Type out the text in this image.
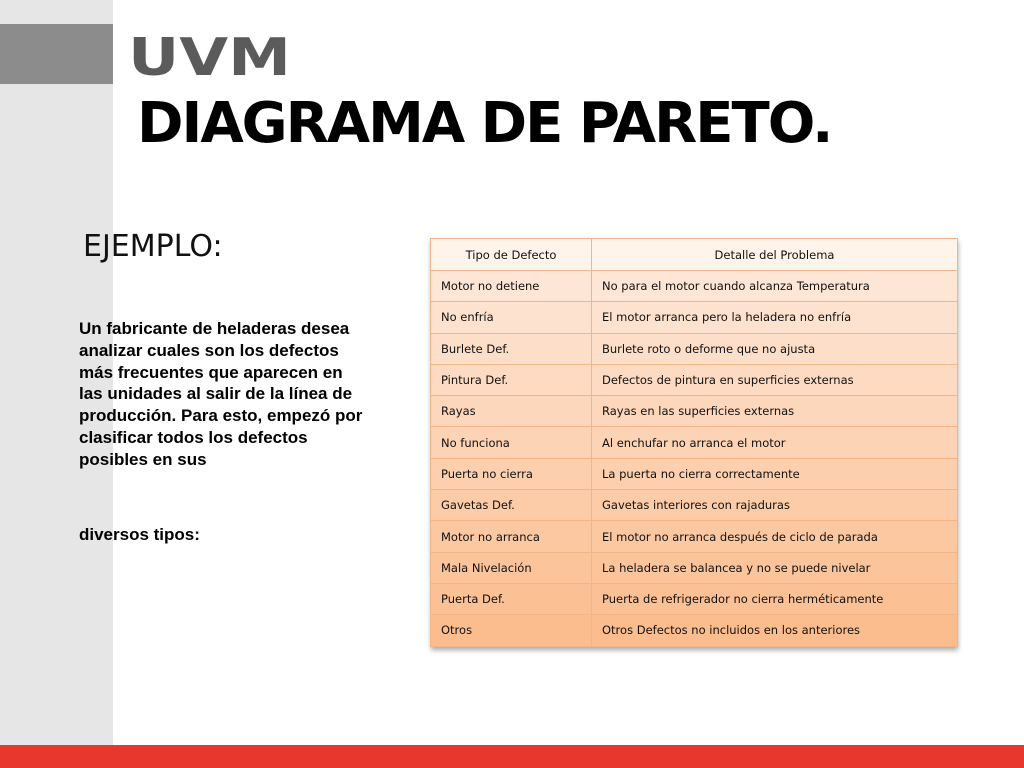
UVM
DIAGRAMA DE PARETO.
EJEMPLO:

Un fabricante de heladeras desea analizar cuales son los defectos más frecuentes que aparecen en las unidades al salir de la línea de producción. Para esto, empezó por clasificar todos los defectos posibles en sus

diversos tipos:

Tipo de Defecto	Detalle del Problema
Motor no detiene	No para el motor cuando alcanza Temperatura
No enfría	El motor arranca pero la heladera no enfría
Burlete Def.	Burlete roto o deforme que no ajusta
Pintura Def.	Defectos de pintura en superficies externas
Rayas	Rayas en las superficies externas
No funciona	Al enchufar no arranca el motor
Puerta no cierra	La puerta no cierra correctamente
Gavetas Def.	Gavetas interiores con rajaduras
Motor no arranca	El motor no arranca después de ciclo de parada
Mala Nivelación	La heladera se balancea y no se puede nivelar
Puerta Def.	Puerta de refrigerador no cierra herméticamente
Otros	Otros Defectos no incluidos en los anteriores
